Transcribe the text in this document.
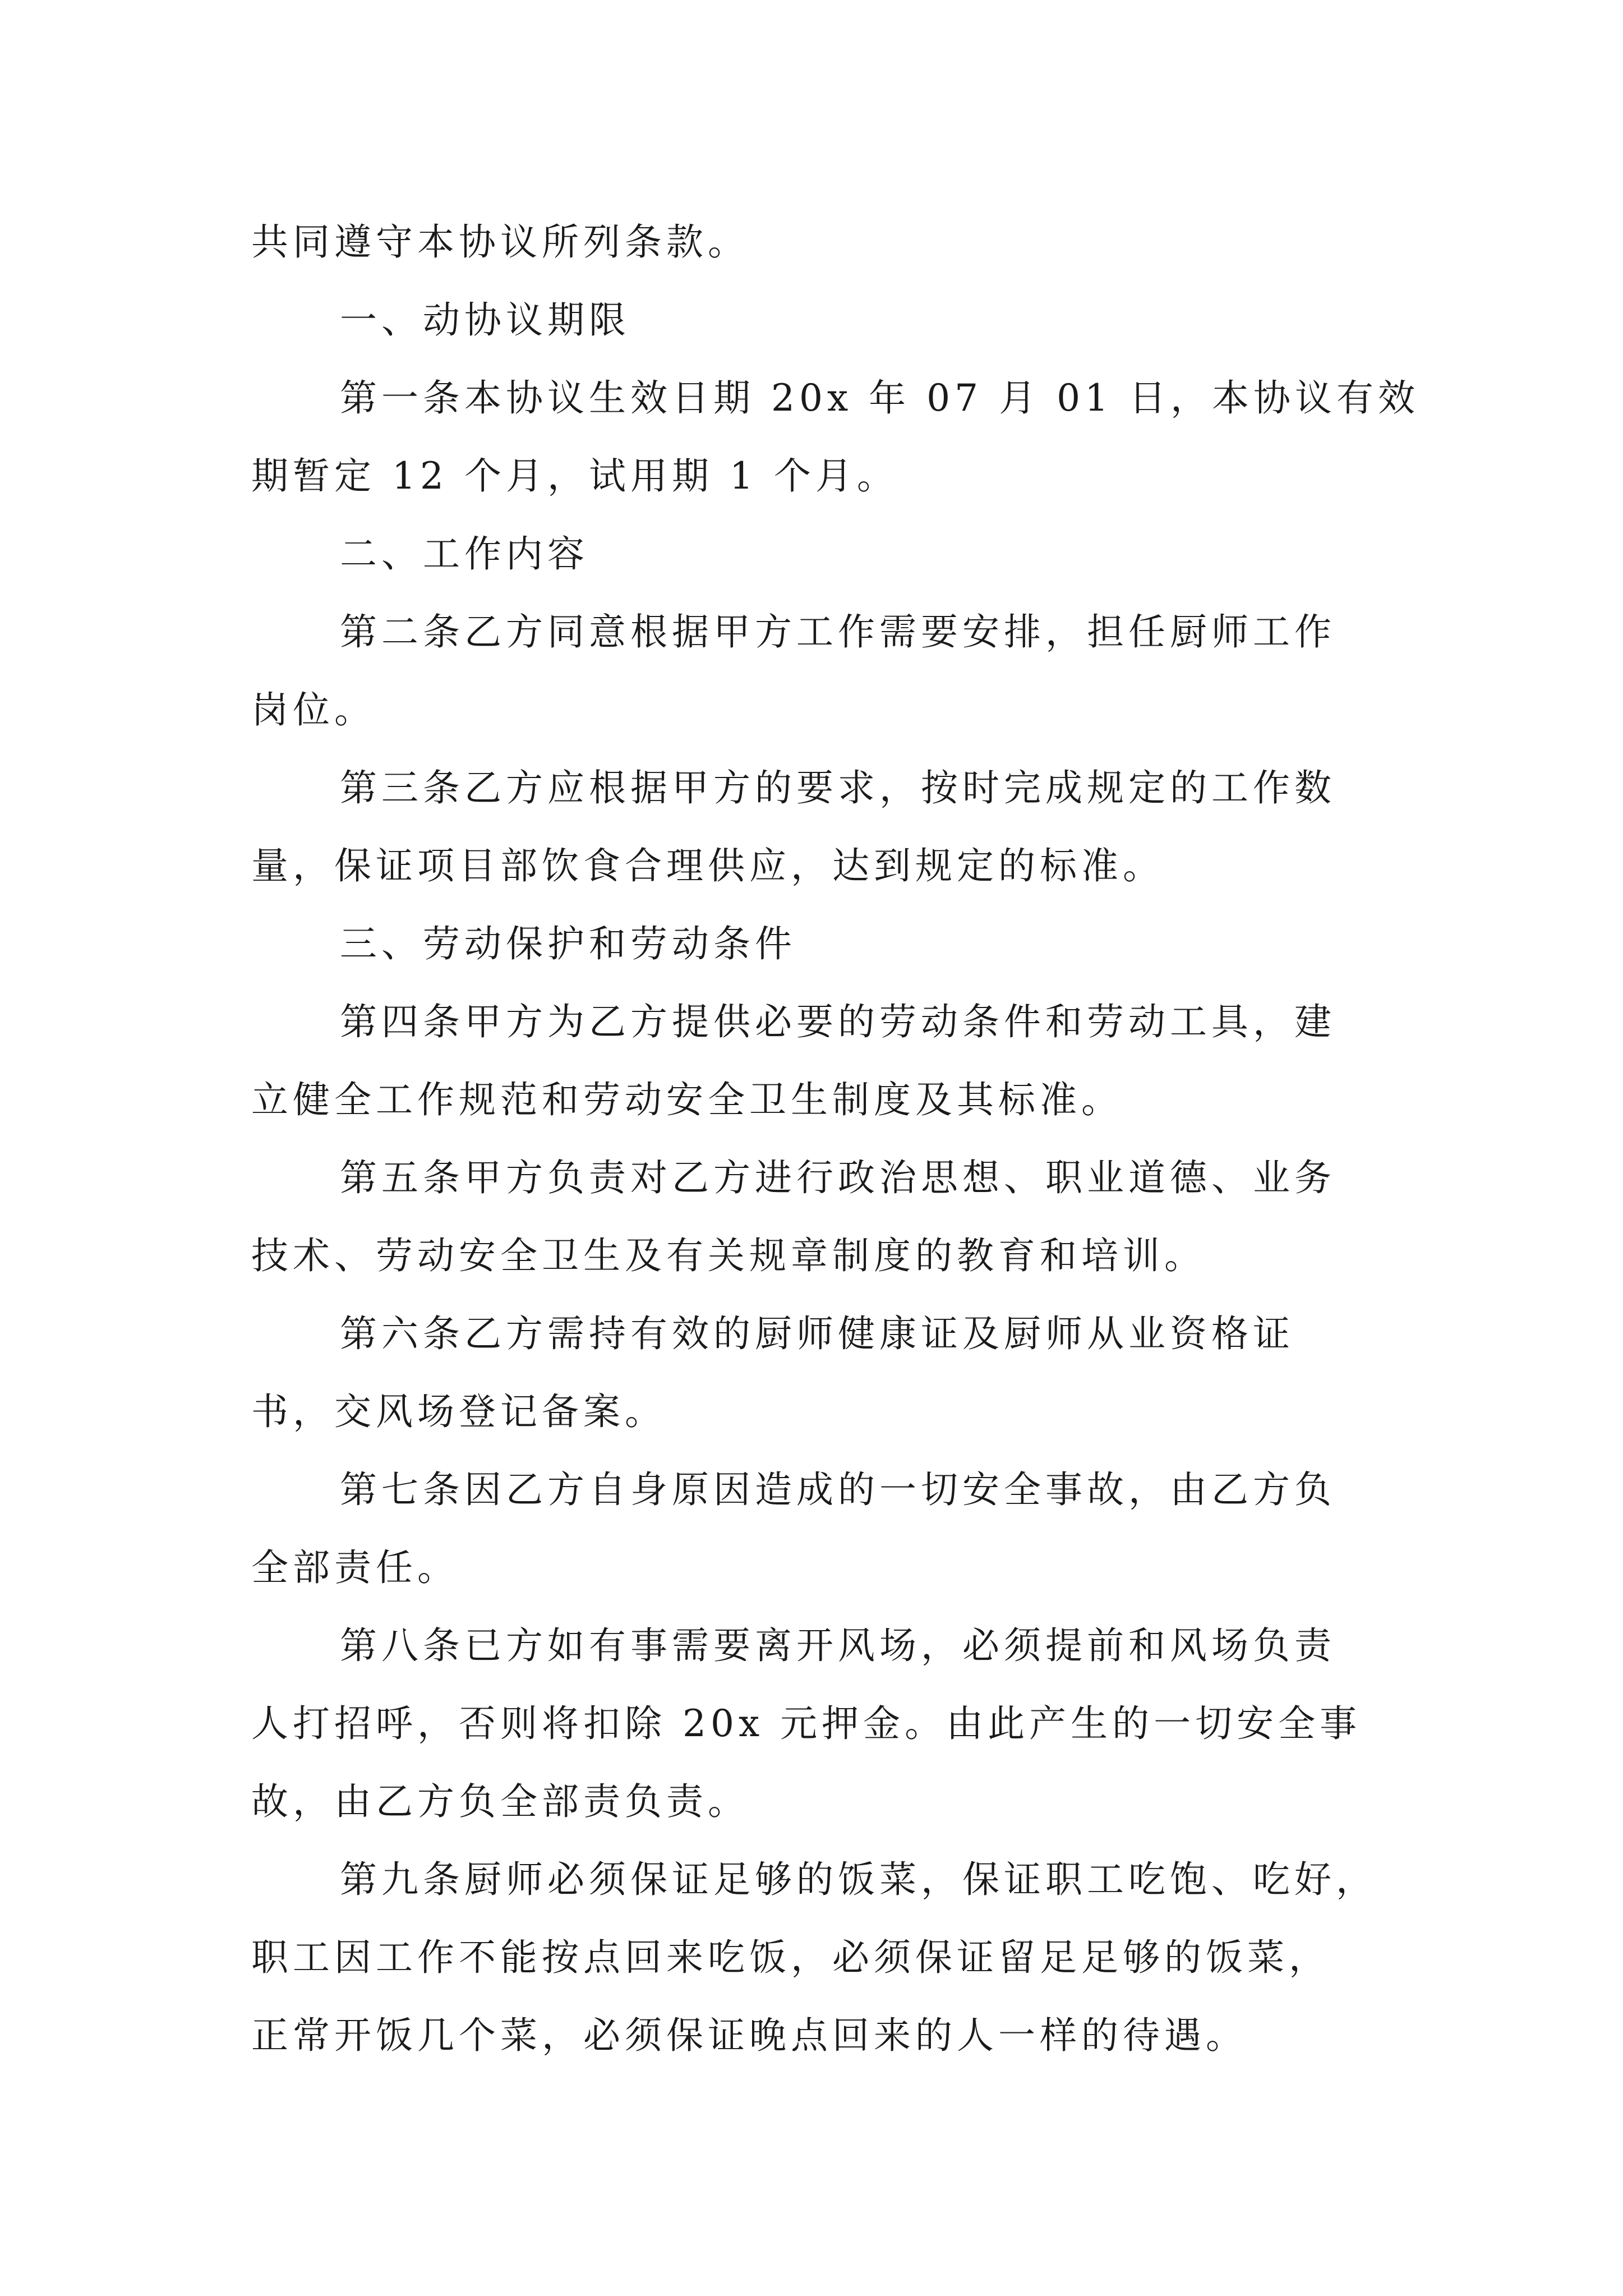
共同遵守本协议所列条款。
一、动协议期限
第一条本协议生效日期 20x 年 07 月 01 日，本协议有效
期暂定 12 个月，试用期 1 个月。
二、工作内容
第二条乙方同意根据甲方工作需要安排，担任厨师工作
岗位。
第三条乙方应根据甲方的要求，按时完成规定的工作数
量，保证项目部饮食合理供应，达到规定的标准。
三、劳动保护和劳动条件
第四条甲方为乙方提供必要的劳动条件和劳动工具，建
立健全工作规范和劳动安全卫生制度及其标准。
第五条甲方负责对乙方进行政治思想、职业道德、业务
技术、劳动安全卫生及有关规章制度的教育和培训。
第六条乙方需持有效的厨师健康证及厨师从业资格证
书，交风场登记备案。
第七条因乙方自身原因造成的一切安全事故，由乙方负
全部责任。
第八条已方如有事需要离开风场，必须提前和风场负责
人打招呼，否则将扣除 20x 元押金。由此产生的一切安全事
故，由乙方负全部责负责。
第九条厨师必须保证足够的饭菜，保证职工吃饱、吃好，
职工因工作不能按点回来吃饭，必须保证留足足够的饭菜，
正常开饭几个菜，必须保证晚点回来的人一样的待遇。
